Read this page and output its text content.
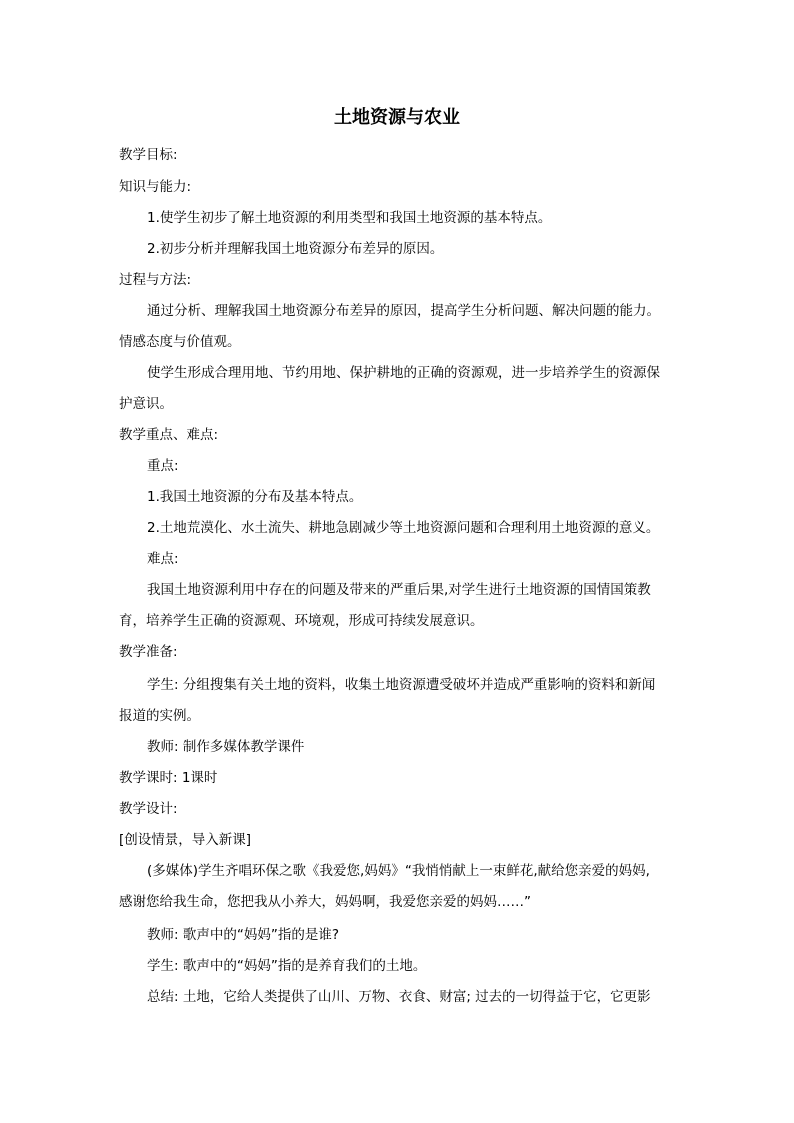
土地资源与农业
教学目标:
知识与能力:
1.使学生初步了解土地资源的利用类型和我国土地资源的基本特点。
2.初步分析并理解我国土地资源分布差异的原因。
过程与方法:
通过分析、理解我国土地资源分布差异的原因，提高学生分析问题、解决问题的能力。
情感态度与价值观。
使学生形成合理用地、节约用地、保护耕地的正确的资源观，进一步培养学生的资源保
护意识。
教学重点、难点:
重点:
1.我国土地资源的分布及基本特点。
2.土地荒漠化、水土流失、耕地急剧减少等土地资源问题和合理利用土地资源的意义。
难点:
我国土地资源利用中存在的问题及带来的严重后果,对学生进行土地资源的国情国策教
育，培养学生正确的资源观、环境观，形成可持续发展意识。
教学准备:
学生: 分组搜集有关土地的资料，收集土地资源遭受破坏并造成严重影响的资料和新闻
报道的实例。
教师: 制作多媒体教学课件
教学课时: 1课时
教学设计:
[创设情景，导入新课]
(多媒体)学生齐唱环保之歌《我爱您,妈妈》“我悄悄献上一束鲜花,献给您亲爱的妈妈,
感谢您给我生命，您把我从小养大，妈妈啊，我爱您亲爱的妈妈……”
教师: 歌声中的“妈妈”指的是谁?
学生: 歌声中的“妈妈”指的是养育我们的土地。
总结: 土地，它给人类提供了山川、万物、衣食、财富; 过去的一切得益于它，它更影
